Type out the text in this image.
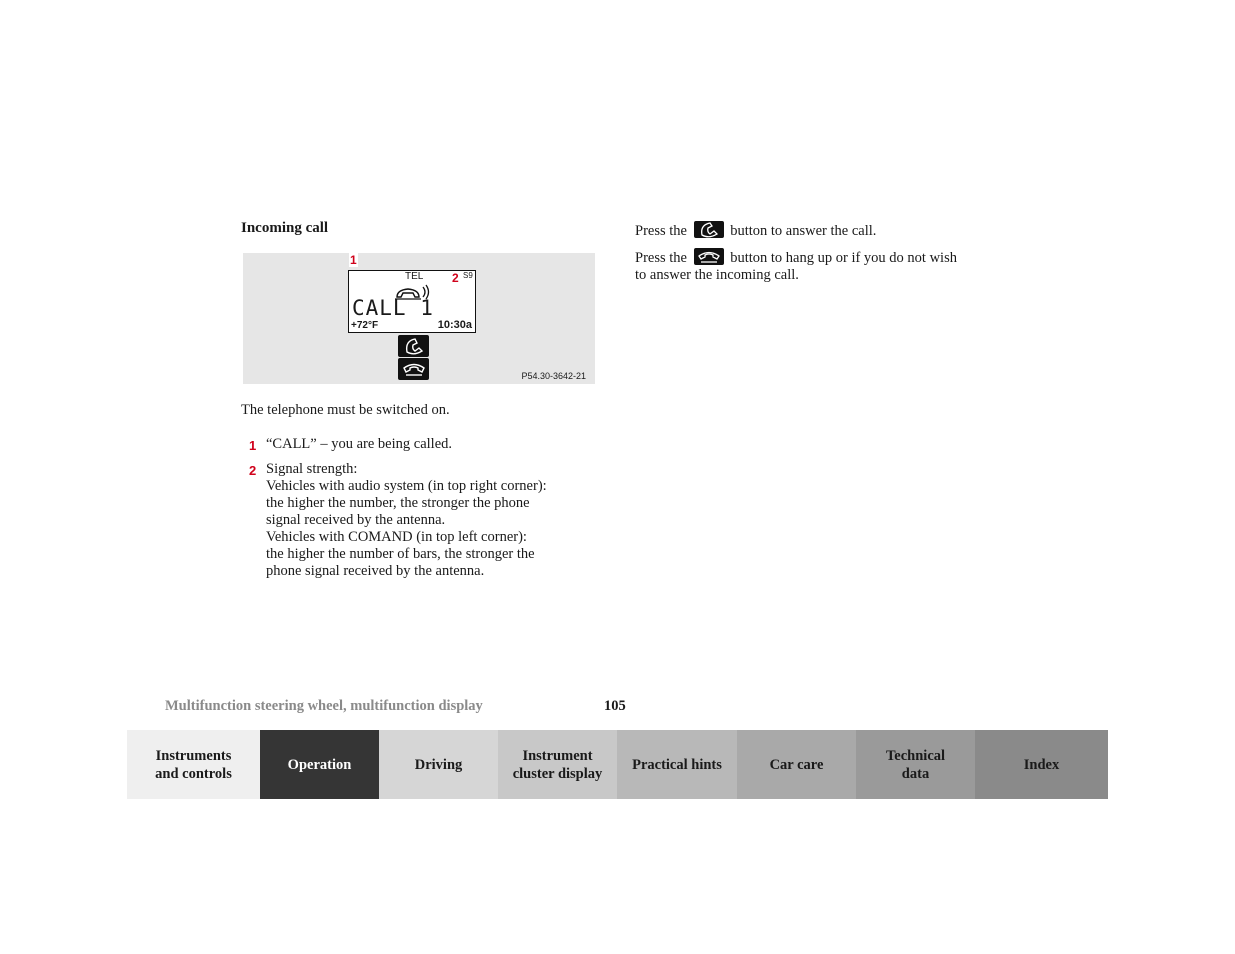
Incoming call
1
TEL 2 S9
CALL 1
+72°F	10:30a
P54.30-3642-21
The telephone must be switched on.
1 “CALL” – you are being called.
2 Signal strength:
Vehicles with audio system (in top right corner):
the higher the number, the stronger the phone
signal received by the antenna.
Vehicles with COMAND (in top left corner):
the higher the number of bars, the stronger the
phone signal received by the antenna.
Press the	button to answer the call.
Press the	button to hang up or if you do not wish
to answer the incoming call.
Multifunction steering wheel, multifunction display	105
Instruments
and controls
Operation	Driving
Instrument
cluster display
Practical hints	Car care
Technical
data
Index
